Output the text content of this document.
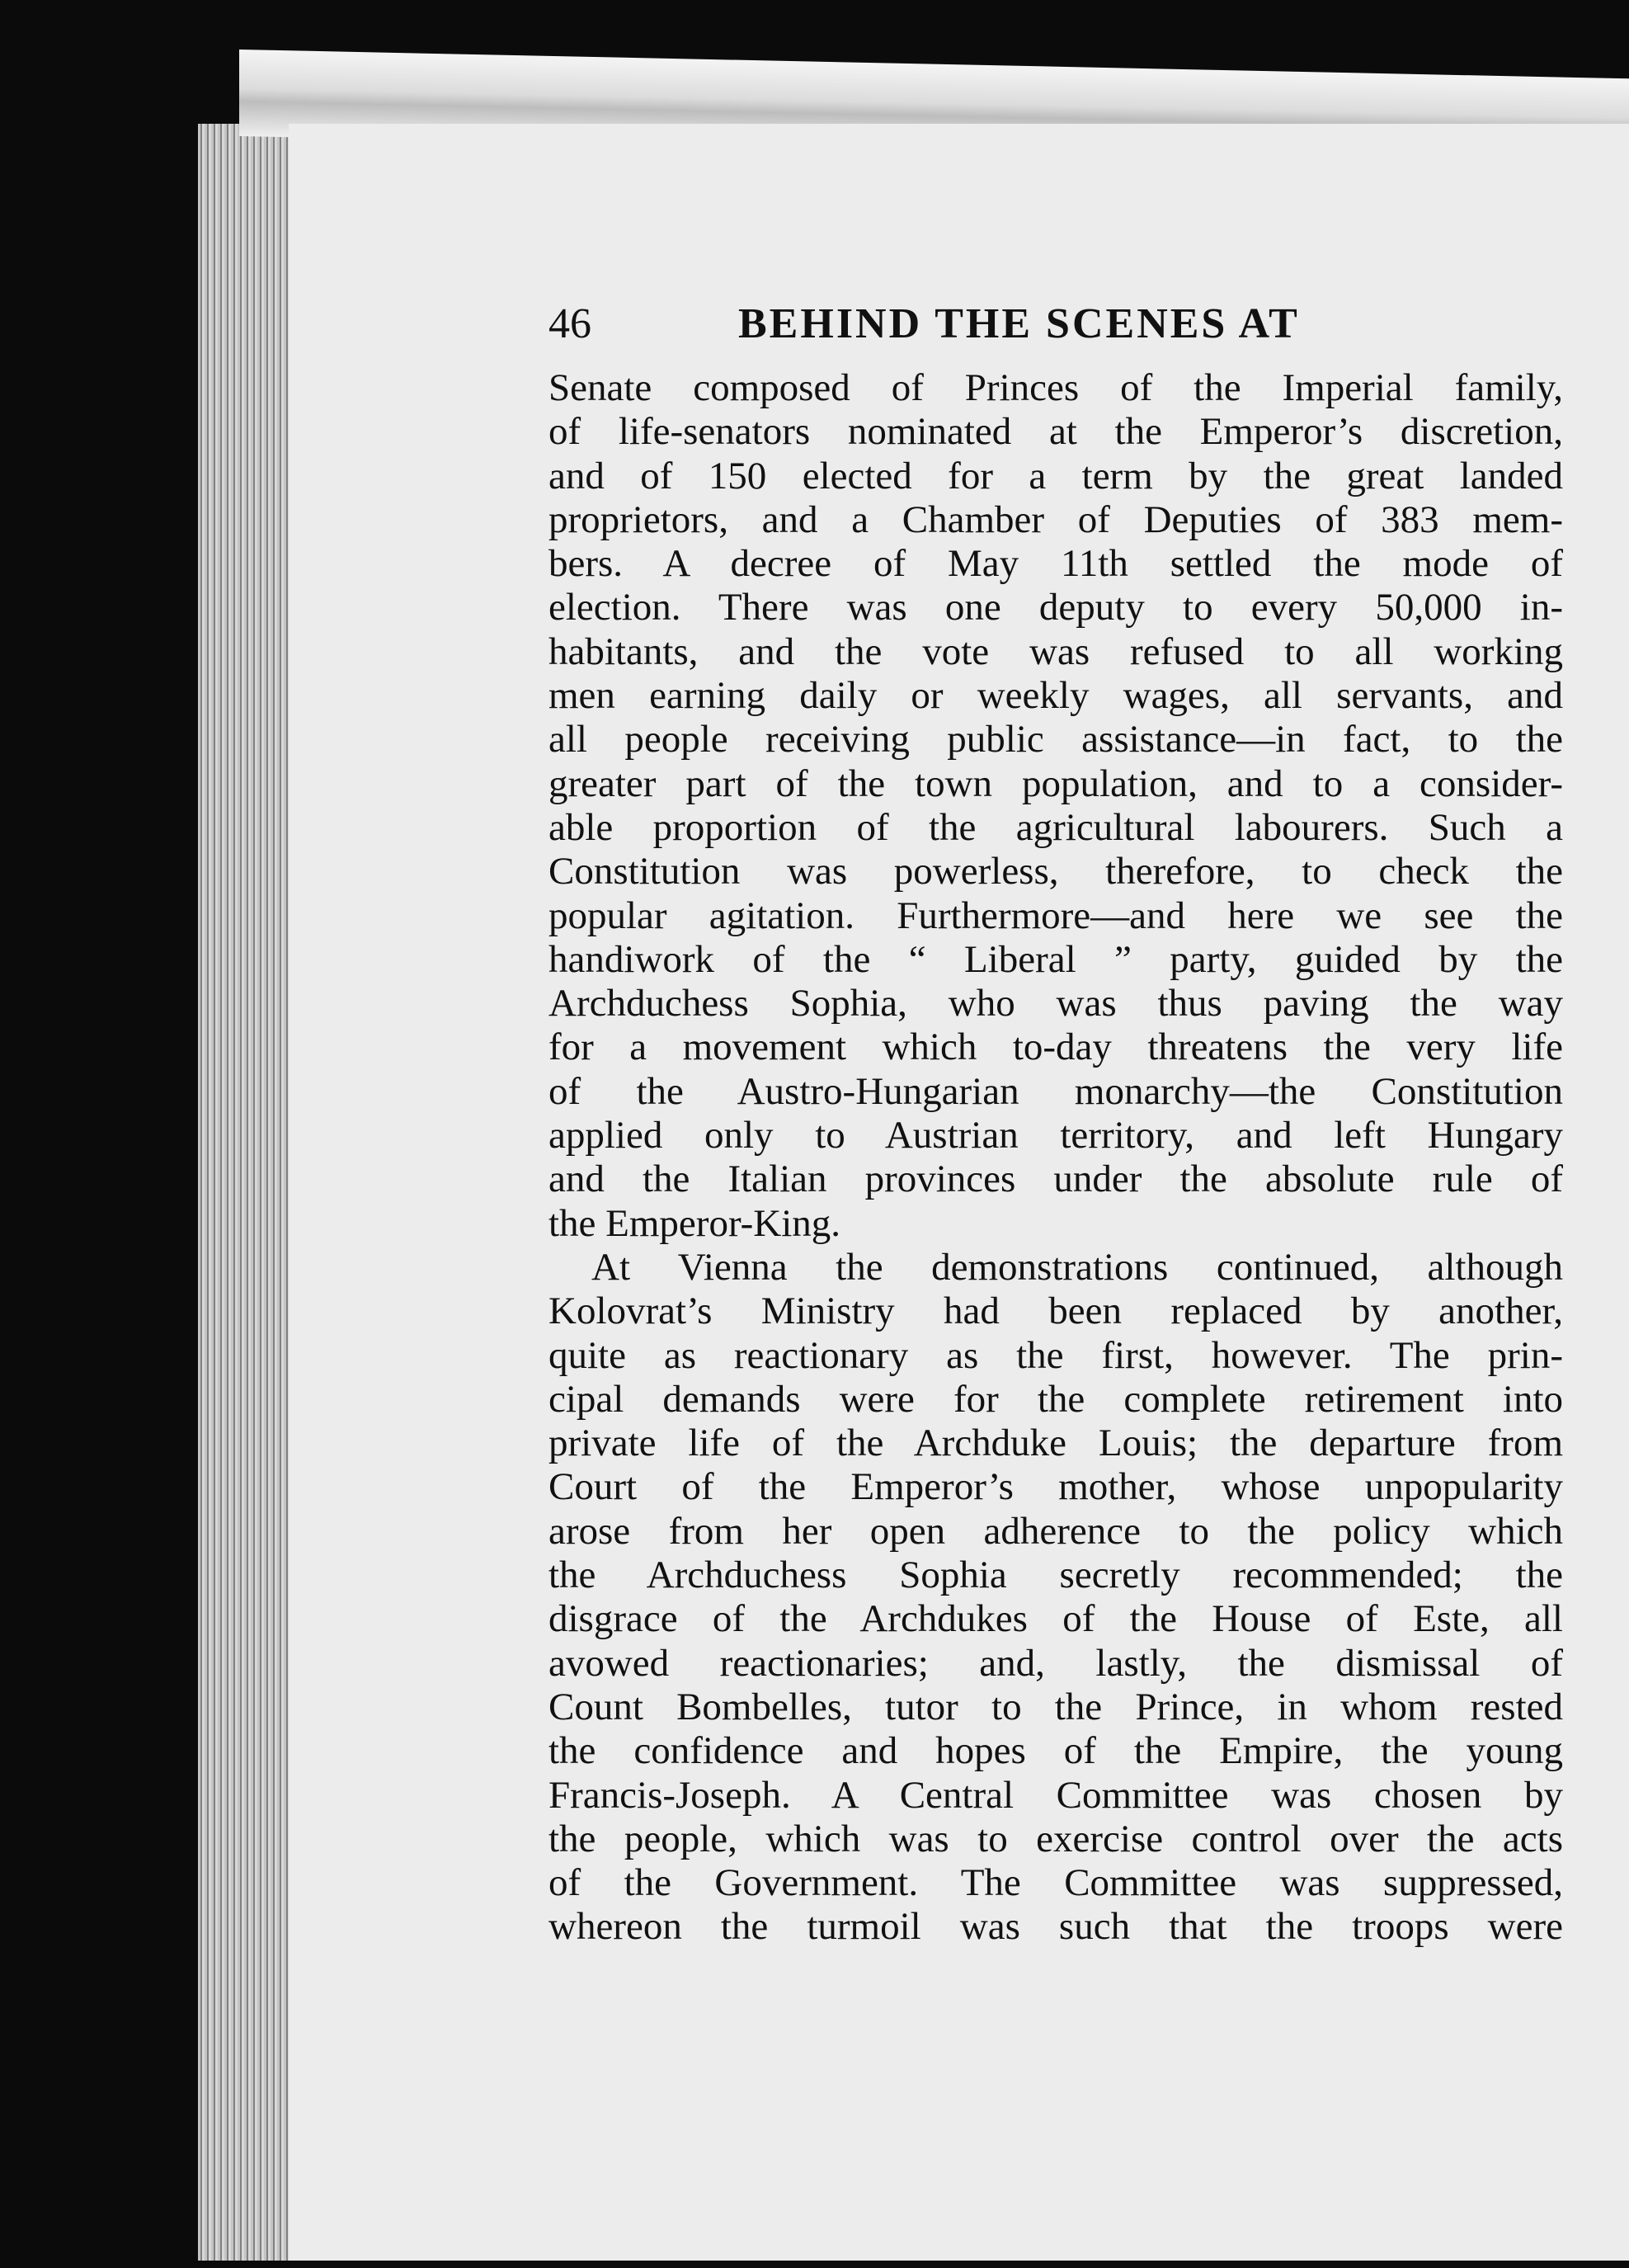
46	BEHIND THE SCENES AT
Senate composed of Princes of the Imperial family,
of life-senators nominated at the Emperor’s discretion,
and of 150 elected for a term by the great landed
proprietors, and a Chamber of Deputies of 383 mem-
bers. A decree of May 11th settled the mode of
election. There was one deputy to every 50,000 in-
habitants, and the vote was refused to all working
men earning daily or weekly wages, all servants, and
all people receiving public assistance—in fact, to the
greater part of the town population, and to a consider-
able proportion of the agricultural labourers. Such a
Constitution was powerless, therefore, to check the
popular agitation. Furthermore—and here we see the
handiwork of the “ Liberal ” party, guided by the
Archduchess Sophia, who was thus paving the way
for a movement which to-day threatens the very life
of the Austro-Hungarian monarchy—the Constitution
applied only to Austrian territory, and left Hungary
and the Italian provinces under the absolute rule of
the Emperor-King.
At Vienna the demonstrations continued, although
Kolovrat’s Ministry had been replaced by another,
quite as reactionary as the first, however. The prin-
cipal demands were for the complete retirement into
private life of the Archduke Louis; the departure from
Court of the Emperor’s mother, whose unpopularity
arose from her open adherence to the policy which
the Archduchess Sophia secretly recommended; the
disgrace of the Archdukes of the House of Este, all
avowed reactionaries; and, lastly, the dismissal of
Count Bombelles, tutor to the Prince, in whom rested
the confidence and hopes of the Empire, the young
Francis-Joseph. A Central Committee was chosen by
the people, which was to exercise control over the acts
of the Government. The Committee was suppressed,
whereon the turmoil was such that the troops were
